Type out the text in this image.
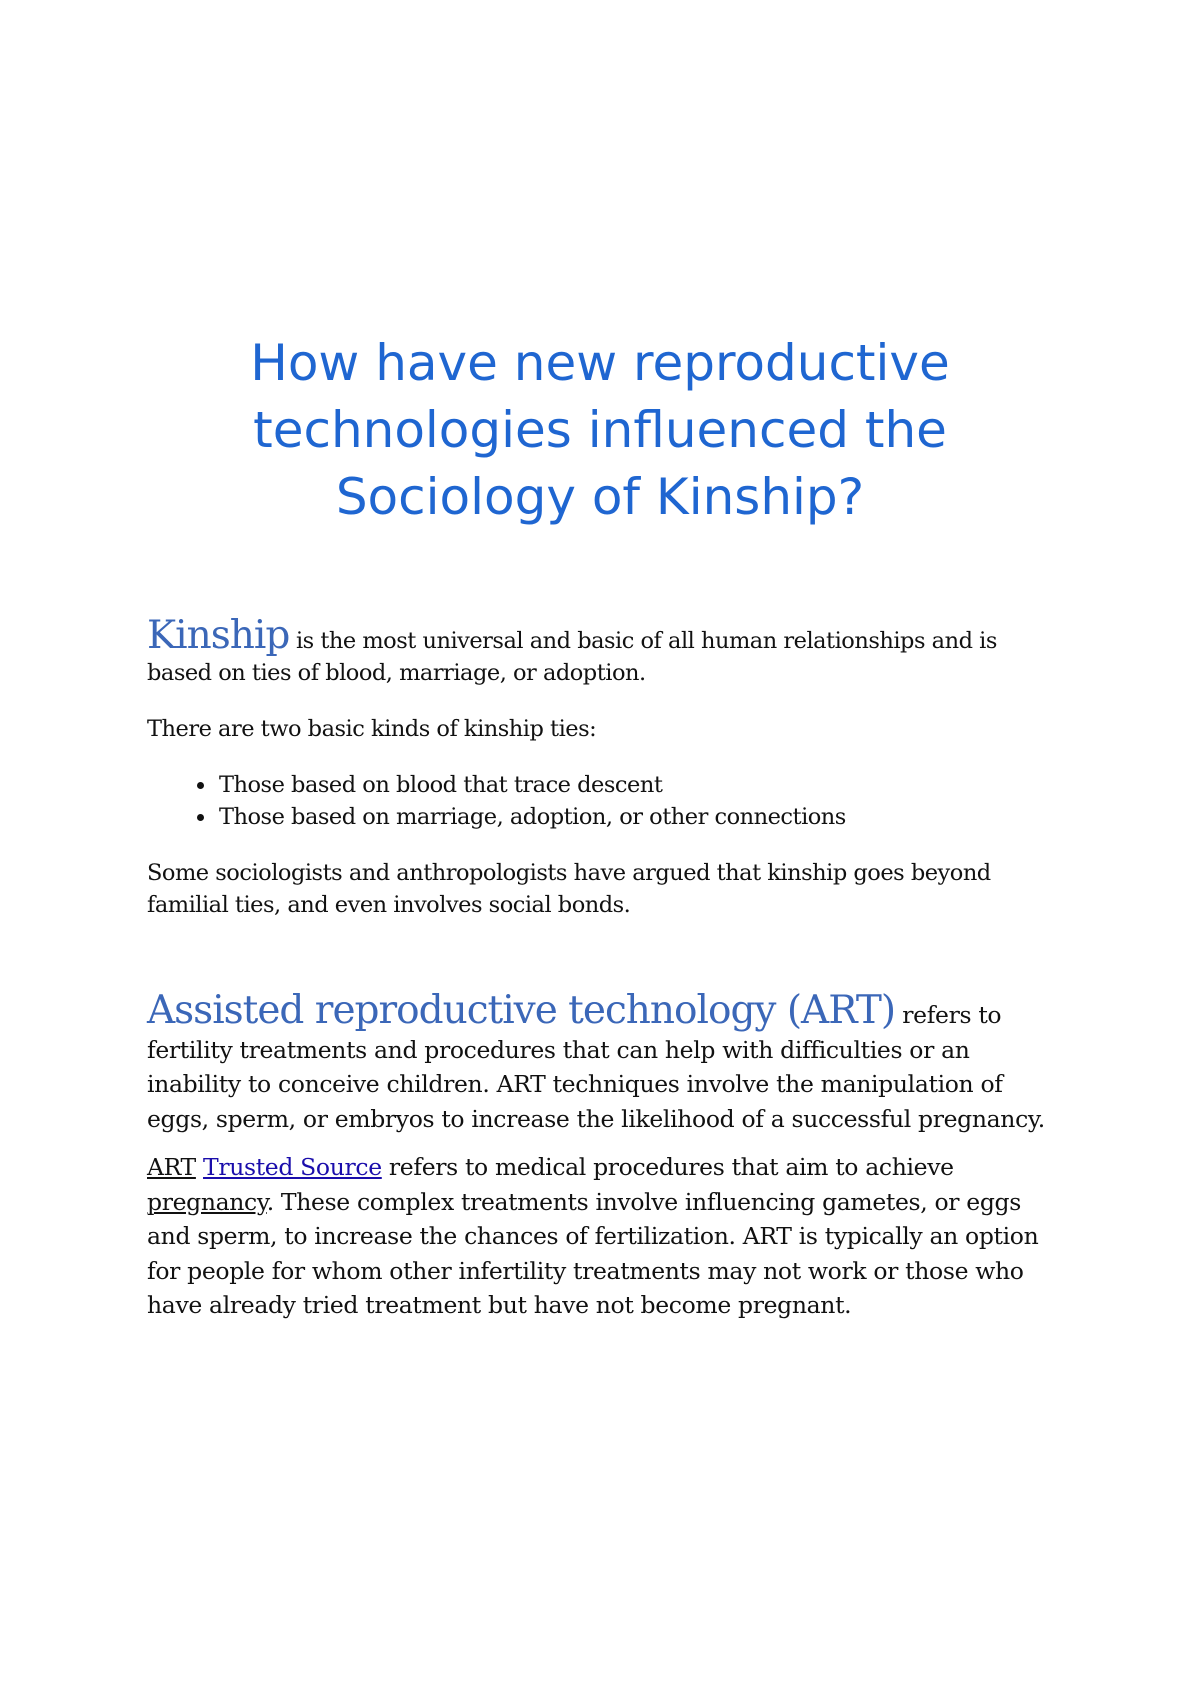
How have new reproductive technologies influenced the Sociology of Kinship?

Kinship is the most universal and basic of all human relationships and is based on ties of blood, marriage, or adoption.

There are two basic kinds of kinship ties:

• Those based on blood that trace descent
• Those based on marriage, adoption, or other connections

Some sociologists and anthropologists have argued that kinship goes beyond familial ties, and even involves social bonds.

Assisted reproductive technology (ART) refers to fertility treatments and procedures that can help with difficulties or an inability to conceive children. ART techniques involve the manipulation of eggs, sperm, or embryos to increase the likelihood of a successful pregnancy.

ART Trusted Source refers to medical procedures that aim to achieve pregnancy. These complex treatments involve influencing gametes, or eggs and sperm, to increase the chances of fertilization. ART is typically an option for people for whom other infertility treatments may not work or those who have already tried treatment but have not become pregnant.
